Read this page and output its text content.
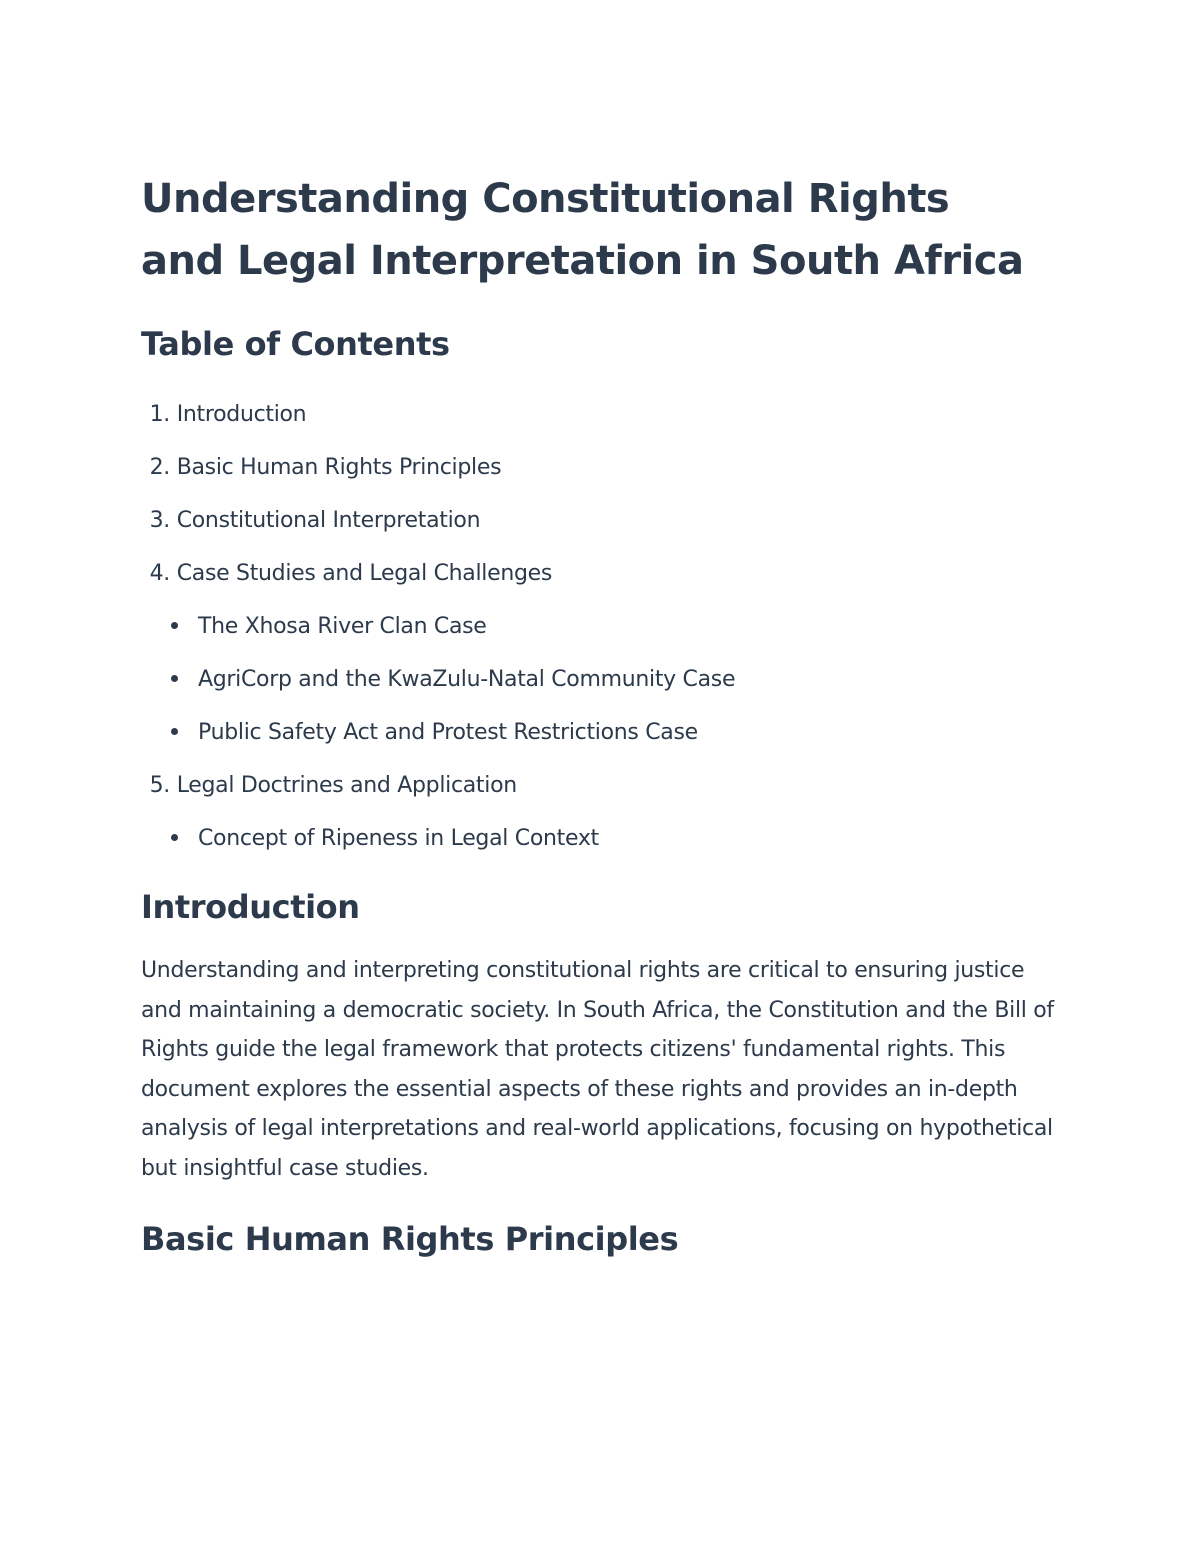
Understanding Constitutional Rights
and Legal Interpretation in South Africa
Table of Contents
1. Introduction
2. Basic Human Rights Principles
3. Constitutional Interpretation
4. Case Studies and Legal Challenges
The Xhosa River Clan Case
AgriCorp and the KwaZulu-Natal Community Case
Public Safety Act and Protest Restrictions Case
5. Legal Doctrines and Application
Concept of Ripeness in Legal Context
Introduction

Understanding and interpreting constitutional rights are critical to ensuring justice and maintaining a democratic society. In South Africa, the Constitution and the Bill of Rights guide the legal framework that protects citizens' fundamental rights. This document explores the essential aspects of these rights and provides an in-depth analysis of legal interpretations and real-world applications, focusing on hypothetical but insightful case studies.

Basic Human Rights Principles
